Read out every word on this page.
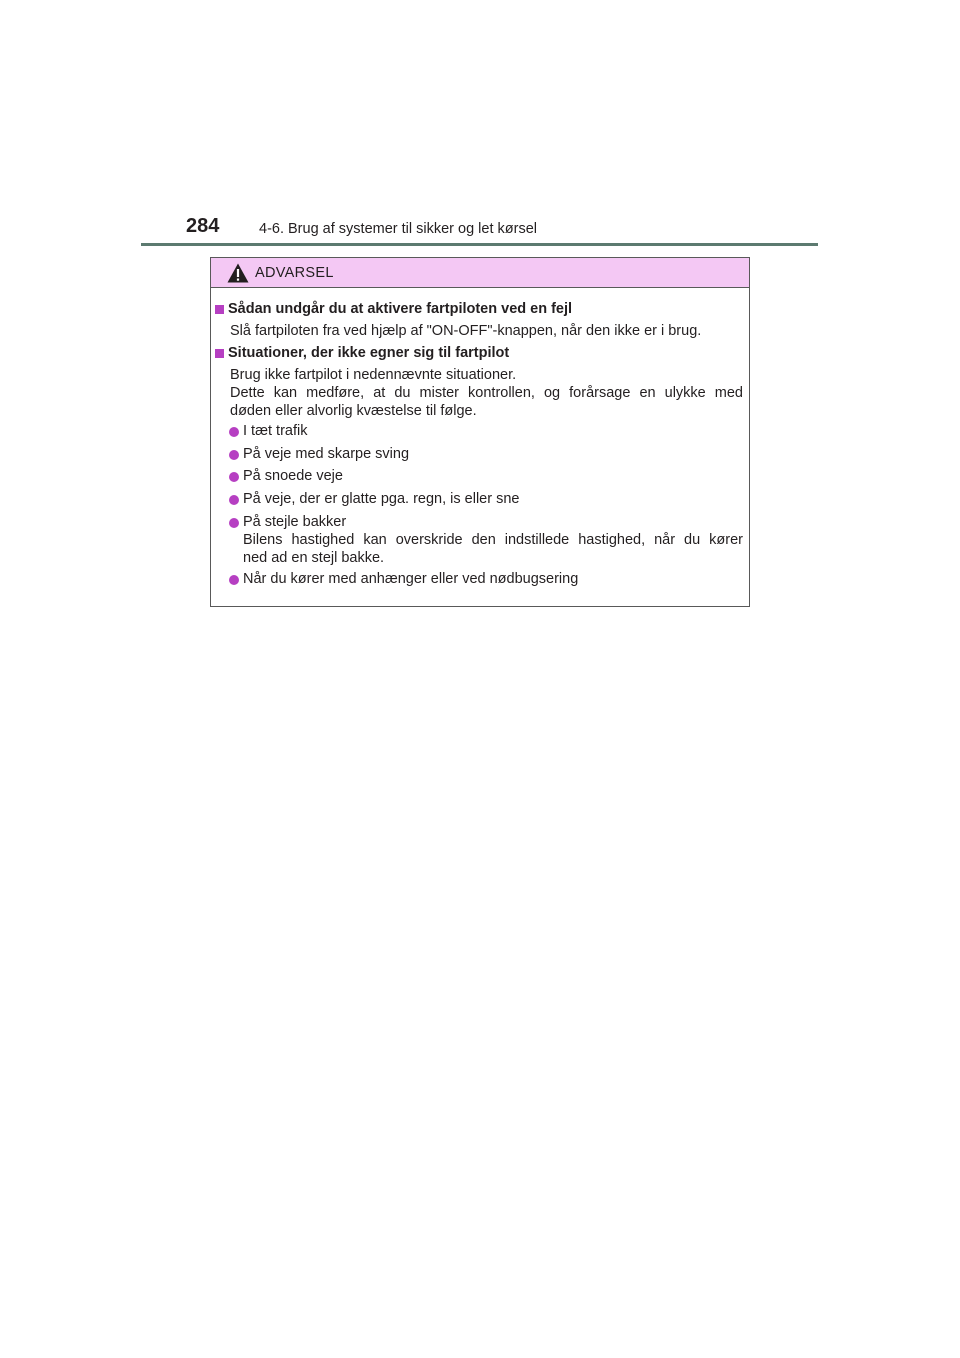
284	4-6. Brug af systemer til sikker og let kørsel
ADVARSEL
Sådan undgår du at aktivere fartpiloten ved en fejl
Slå fartpiloten fra ved hjælp af "ON-OFF"-knappen, når den ikke er i brug.
Situationer, der ikke egner sig til fartpilot
Brug ikke fartpilot i nedennævnte situationer.
Dette kan medføre, at du mister kontrollen, og forårsage en ulykke med
døden eller alvorlig kvæstelse til følge.
I tæt trafik
På veje med skarpe sving
På snoede veje
På veje, der er glatte pga. regn, is eller sne
På stejle bakker
Bilens hastighed kan overskride den indstillede hastighed, når du kører
ned ad en stejl bakke.
Når du kører med anhænger eller ved nødbugsering
